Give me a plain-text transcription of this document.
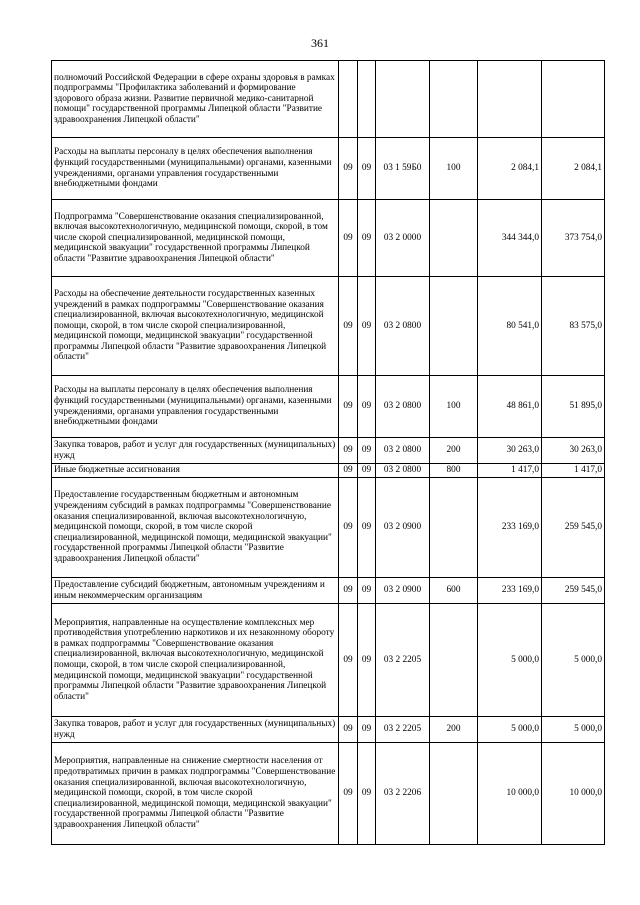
361
полномочий Российской Федерации в сфере охраны здоровья в рамках подпрограммы "Профилактика заболеваний и формирование здорового образа жизни. Развитие первичной медико-санитарной помощи" государственной программы Липецкой области "Развитие здравоохранения Липецкой области"						
Расходы на выплаты персоналу в целях обеспечения выполнения функций государственными (муниципальными) органами, казенными учреждениями, органами управления государственными внебюджетными фондами	09	09	03 1 59Б0	100	2 084,1	2 084,1
Подпрограмма "Совершенствование оказания специализированной, включая высокотехнологичную, медицинской помощи, скорой, в том числе скорой специализированной, медицинской помощи, медицинской эвакуации" государственной программы Липецкой области "Развитие здравоохранения Липецкой области"	09	09	03 2 0000		344 344,0	373 754,0
Расходы на обеспечение деятельности государственных казенных учреждений в рамках подпрограммы "Совершенствование оказания специализированной, включая высокотехнологичную, медицинской помощи, скорой, в том числе скорой специализированной, медицинской помощи, медицинской эвакуации" государственной программы Липецкой области "Развитие здравоохранения Липецкой области"	09	09	03 2 0800		80 541,0	83 575,0
Расходы на выплаты персоналу в целях обеспечения выполнения функций государственными (муниципальными) органами, казенными учреждениями, органами управления государственными внебюджетными фондами	09	09	03 2 0800	100	48 861,0	51 895,0
Закупка товаров, работ и услуг для государственных (муниципальных) нужд	09	09	03 2 0800	200	30 263,0	30 263,0
Иные бюджетные ассигнования	09	09	03 2 0800	800	1 417,0	1 417,0
Предоставление государственным бюджетным и автономным учреждениям субсидий в рамках подпрограммы "Совершенствование оказания специализированной, включая высокотехнологичную, медицинской помощи, скорой, в том числе скорой специализированной, медицинской помощи, медицинской эвакуации" государственной программы Липецкой области "Развитие здравоохранения Липецкой области"	09	09	03 2 0900		233 169,0	259 545,0
Предоставление субсидий бюджетным, автономным учреждениям и иным некоммерческим организациям	09	09	03 2 0900	600	233 169,0	259 545,0
Мероприятия, направленные на осуществление комплексных мер противодействия употреблению наркотиков и их незаконному обороту в рамках подпрограммы "Совершенствование оказания специализированной, включая высокотехнологичную, медицинской помощи, скорой, в том числе скорой специализированной, медицинской помощи, медицинской эвакуации" государственной программы Липецкой области "Развитие здравоохранения Липецкой области"	09	09	03 2 2205		5 000,0	5 000,0
Закупка товаров, работ и услуг для государственных (муниципальных) нужд	09	09	03 2 2205	200	5 000,0	5 000,0
Мероприятия, направленные на снижение смертности населения от предотвратимых причин в рамках подпрограммы "Совершенствование оказания специализированной, включая высокотехнологичную, медицинской помощи, скорой, в том числе скорой специализированной, медицинской помощи, медицинской эвакуации" государственной программы Липецкой области "Развитие здравоохранения Липецкой области"	09	09	03 2 2206		10 000,0	10 000,0
